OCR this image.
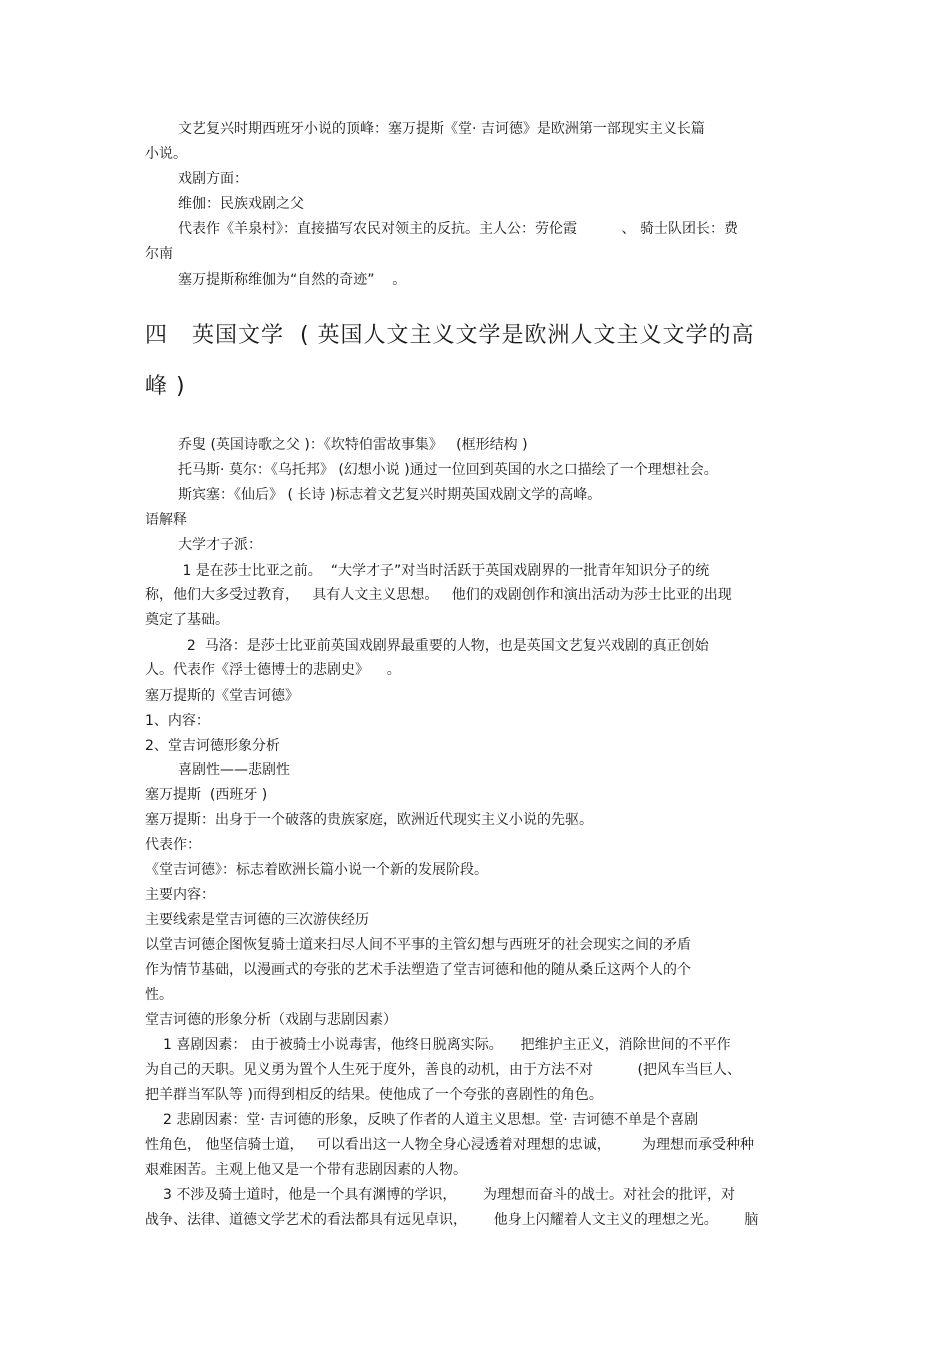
文艺复兴时期西班牙小说的顶峰：塞万提斯《堂· 吉诃德》是欧洲第一部现实主义长篇
小说。
戏剧方面：
维伽：民族戏剧之父
代表作《羊泉村》：直接描写农民对领主的反抗。主人公：劳伦霞          、 骑士队团长：费
尔南
塞万提斯称维伽为“自然的奇迹”    。
四   英国文学  ( 英国人文主义文学是欧洲人文主义文学的高
峰 )
乔叟 (英国诗歌之父 )：《坎特伯雷故事集》   (框形结构 )
托马斯· 莫尔：《乌托邦》 (幻想小说 )通过一位回到英国的水之口描绘了一个理想社会。
斯宾塞：《仙后》 ( 长诗 )标志着文艺复兴时期英国戏剧文学的高峰。
语解释
大学才子派：
1 是在莎士比亚之前。  “大学才子”对当时活跃于英国戏剧界的一批青年知识分子的统
称，他们大多受过教育，   具有人文主义思想。   他们的戏剧创作和演出活动为莎士比亚的出现
奠定了基础。
2  马洛：是莎士比亚前英国戏剧界最重要的人物，也是英国文艺复兴戏剧的真正创始
人。代表作《浮士德博士的悲剧史》    。
塞万提斯的《堂吉诃德》
1、内容：
2、堂吉诃德形象分析
喜剧性——悲剧性
塞万提斯  (西班牙 )
塞万提斯：出身于一个破落的贵族家庭，欧洲近代现实主义小说的先驱。
代表作：
《堂吉诃德》：标志着欧洲长篇小说一个新的发展阶段。
主要内容：
主要线索是堂吉诃德的三次游侠经历
以堂吉诃德企图恢复骑士道来扫尽人间不平事的主管幻想与西班牙的社会现实之间的矛盾
作为情节基础，以漫画式的夸张的艺术手法塑造了堂吉诃德和他的随从桑丘这两个人的个
性。
堂吉诃德的形象分析（戏剧与悲剧因素）
1 喜剧因素： 由于被骑士小说毒害，他终日脱离实际。    把维护主正义，消除世间的不平作
为自己的天职。见义勇为置个人生死于度外，善良的动机，由于方法不对          (把风车当巨人、
把羊群当军队等 )而得到相反的结果。使他成了一个夸张的喜剧性的角色。
2 悲剧因素：堂· 吉诃德的形象，反映了作者的人道主义思想。堂· 吉诃德不单是个喜剧
性角色， 他坚信骑士道，   可以看出这一人物全身心浸透着对理想的忠诚，       为理想而承受种种
艰难困苦。主观上他又是一个带有悲剧因素的人物。
3 不涉及骑士道时，他是一个具有渊博的学识，      为理想而奋斗的战士。对社会的批评，对
战争、法律、道德文学艺术的看法都具有远见卓识，      他身上闪耀着人文主义的理想之光。      脑
